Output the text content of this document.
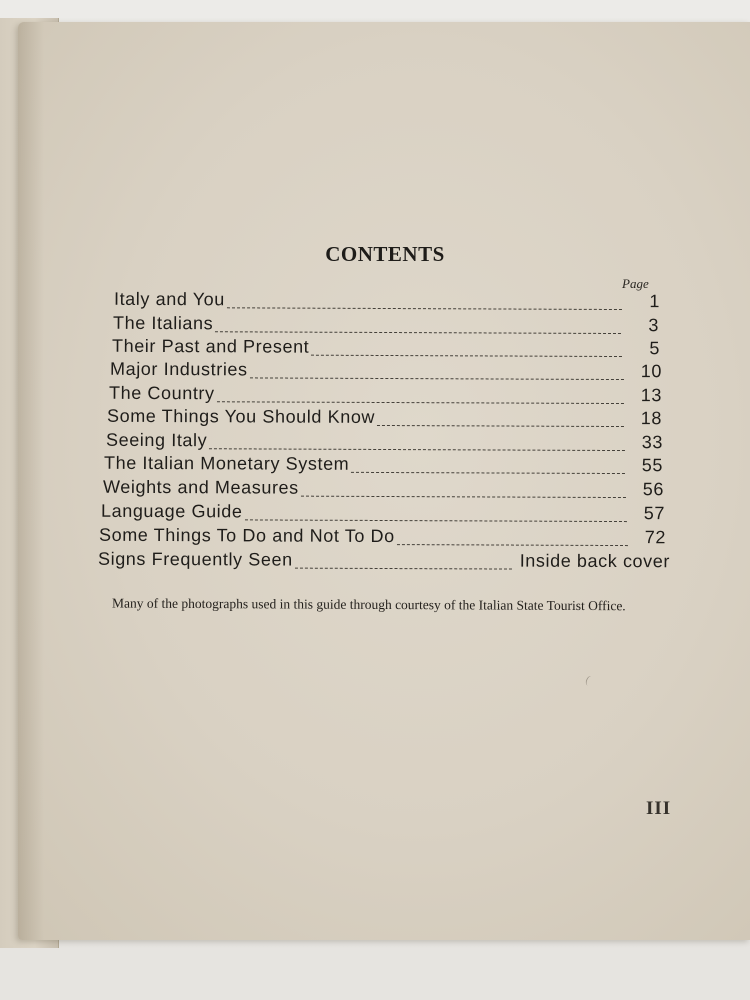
CONTENTS
Page
Italy and You	1
The Italians	3
Their Past and Present	5
Major Industries	10
The Country	13
Some Things You Should Know	18
Seeing Italy	33
The Italian Monetary System	55
Weights and Measures	56
Language Guide	57
Some Things To Do and Not To Do	72
Signs Frequently Seen	Inside back cover

Many of the photographs used in this guide through courtesy of the Italian State Tourist Office.

III
